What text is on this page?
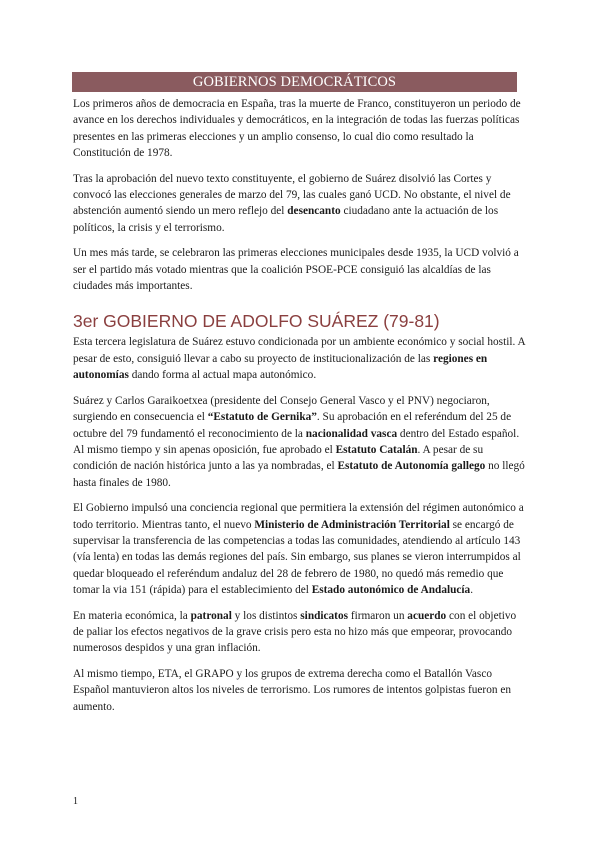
GOBIERNOS DEMOCRÁTICOS

Los primeros años de democracia en España, tras la muerte de Franco, constituyeron un periodo de avance en los derechos individuales y democráticos, en la integración de todas las fuerzas políticas presentes en las primeras elecciones y un amplio consenso, lo cual dio como resultado la Constitución de 1978.

Tras la aprobación del nuevo texto constituyente, el gobierno de Suárez disolvió las Cortes y convocó las elecciones generales de marzo del 79, las cuales ganó UCD. No obstante, el nivel de abstención aumentó siendo un mero reflejo del desencanto ciudadano ante la actuación de los políticos, la crisis y el terrorismo.

Un mes más tarde, se celebraron las primeras elecciones municipales desde 1935, la UCD volvió a ser el partido más votado mientras que la coalición PSOE-PCE consiguió las alcaldías de las ciudades más importantes.

3er GOBIERNO DE ADOLFO SUÁREZ (79-81)

Esta tercera legislatura de Suárez estuvo condicionada por un ambiente económico y social hostil. A pesar de esto, consiguió llevar a cabo su proyecto de institucionalización de las regiones en autonomías dando forma al actual mapa autonómico.

Suárez y Carlos Garaikoetxea (presidente del Consejo General Vasco y el PNV) negociaron, surgiendo en consecuencia el “Estatuto de Gernika”. Su aprobación en el referéndum del 25 de octubre del 79 fundamentó el reconocimiento de la nacionalidad vasca dentro del Estado español. Al mismo tiempo y sin apenas oposición, fue aprobado el Estatuto Catalán. A pesar de su condición de nación histórica junto a las ya nombradas, el Estatuto de Autonomía gallego no llegó hasta finales de 1980.

El Gobierno impulsó una conciencia regional que permitiera la extensión del régimen autonómico a todo territorio. Mientras tanto, el nuevo Ministerio de Administración Territorial se encargó de supervisar la transferencia de las competencias a todas las comunidades, atendiendo al artículo 143 (vía lenta) en todas las demás regiones del país. Sin embargo, sus planes se vieron interrumpidos al quedar bloqueado el referéndum andaluz del 28 de febrero de 1980, no quedó más remedio que tomar la via 151 (rápida) para el establecimiento del Estado autonómico de Andalucía.

En materia económica, la patronal y los distintos sindicatos firmaron un acuerdo con el objetivo de paliar los efectos negativos de la grave crisis pero esta no hizo más que empeorar, provocando numerosos despidos y una gran inflación.

Al mismo tiempo, ETA, el GRAPO y los grupos de extrema derecha como el Batallón Vasco Español mantuvieron altos los niveles de terrorismo. Los rumores de intentos golpistas fueron en aumento.

1
